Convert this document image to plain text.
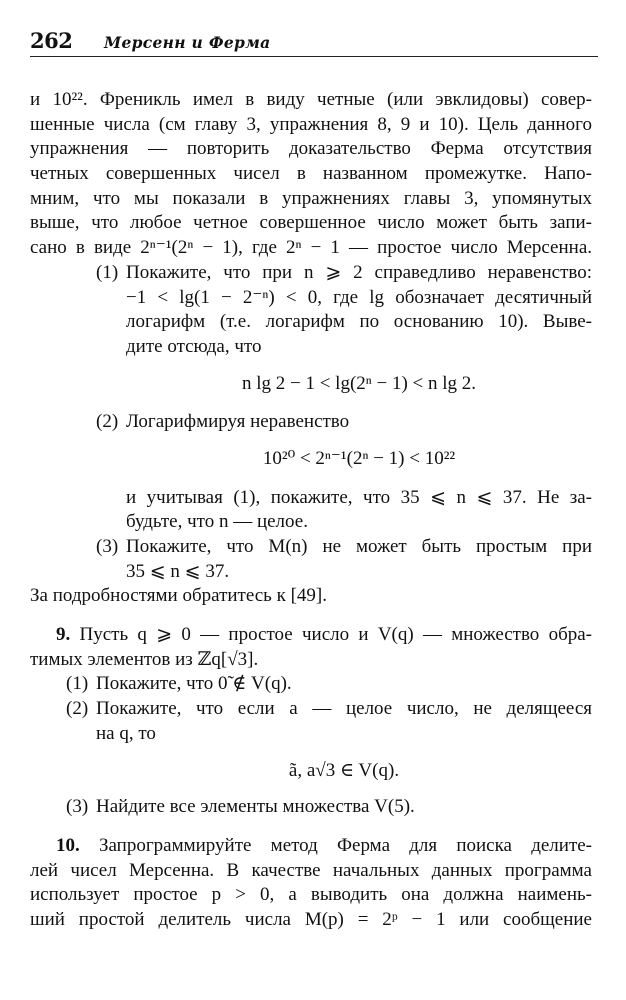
262 Мерсенн и Ферма
и 10²². Френикль имел в виду четные (или эвклидовы) совер-
шенные числа (см главу 3, упражнения 8, 9 и 10). Цель данного
упражнения — повторить доказательство Ферма отсутствия
четных совершенных чисел в названном промежутке. Напо-
мним, что мы показали в упражнениях главы 3, упомянутых
выше, что любое четное совершенное число может быть запи-
сано в виде 2ⁿ⁻¹(2ⁿ − 1), где 2ⁿ − 1 — простое число Мерсенна.
(1) Покажите, что при n ⩾ 2 справедливо неравенство:
−1 < lg(1 − 2⁻ⁿ) < 0, где lg обозначает десятичный
логарифм (т.е. логарифм по основанию 10). Выве-
дите отсюда, что
n lg 2 − 1 < lg(2ⁿ − 1) < n lg 2.
(2) Логарифмируя неравенство
10²⁰ < 2ⁿ⁻¹(2ⁿ − 1) < 10²²
и учитывая (1), покажите, что 35 ⩽ n ⩽ 37. Не за-
будьте, что n — целое.
(3) Покажите, что M(n) не может быть простым при
35 ⩽ n ⩽ 37.
За подробностями обратитесь к [49].
9. Пусть q ⩾ 0 — простое число и V(q) — множество обра-
тимых элементов из ℤq[√3].
(1) Покажите, что 0̃ ∉ V(q).
(2) Покажите, что если a — целое число, не делящееся
на q, то
ã, a√3 ∈ V(q).
(3) Найдите все элементы множества V(5).
10. Запрограммируйте метод Ферма для поиска делите-
лей чисел Мерсенна. В качестве начальных данных программа
использует простое p > 0, а выводить она должна наимень-
ший простой делитель числа M(p) = 2ᵖ − 1 или сообщение
